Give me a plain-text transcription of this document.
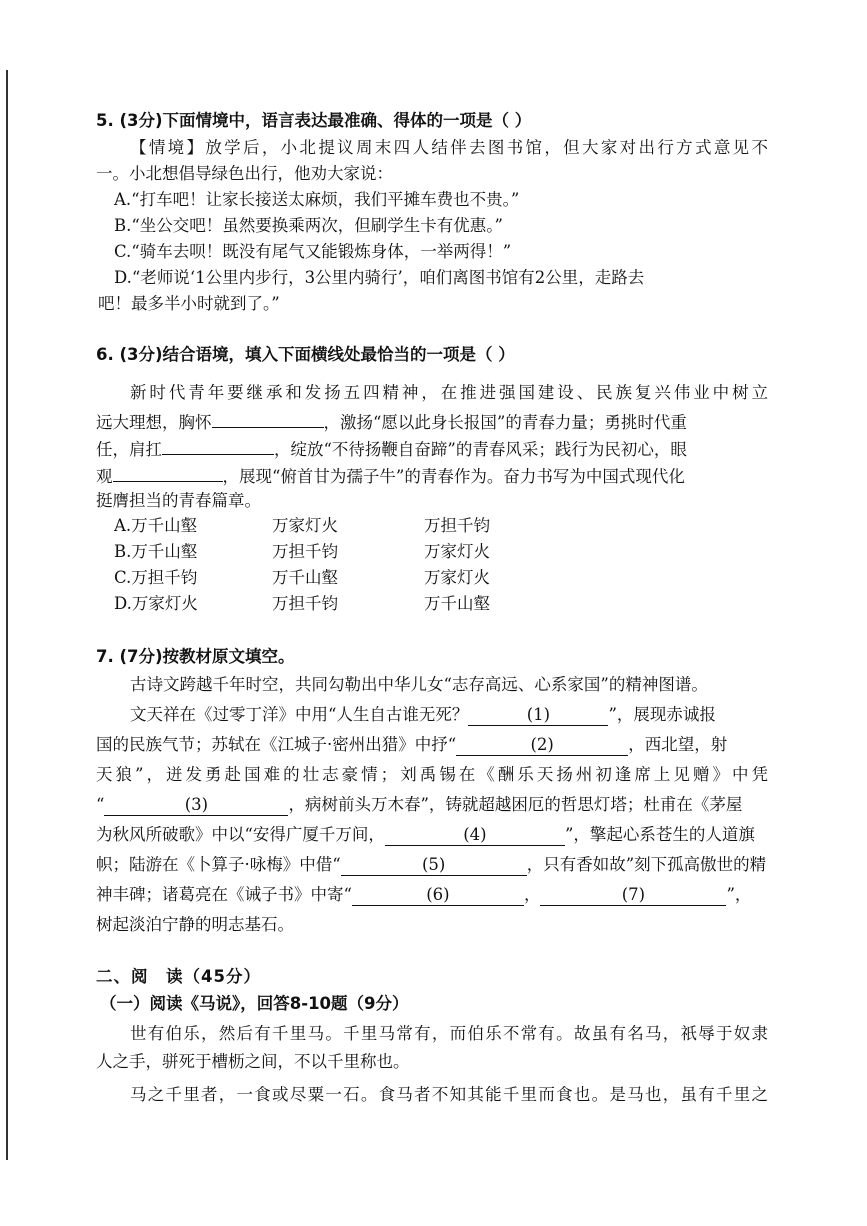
5. (3分)下面情境中，语言表达最准确、得体的一项是（ ）
【情境】放学后，小北提议周末四人结伴去图书馆，但大家对出行方式意见不
一。小北想倡导绿色出行，他劝大家说：
A.“打车吧！让家长接送太麻烦，我们平摊车费也不贵。”
B.“坐公交吧！虽然要换乘两次，但刷学生卡有优惠。”
C.“骑车去呗！既没有尾气又能锻炼身体，一举两得！”
D.“老师说‘1公里内步行，3公里内骑行’，咱们离图书馆有2公里，走路去
吧！最多半小时就到了。”
6. (3分)结合语境，填入下面横线处最恰当的一项是（ ）
新时代青年要继承和发扬五四精神，在推进强国建设、民族复兴伟业中树立
远大理想，胸怀	，激扬“愿以此身长报国”的青春力量；勇挑时代重
任，肩扛	，绽放“不待扬鞭自奋蹄”的青春风采；践行为民初心，眼
观	，展现“俯首甘为孺子牛”的青春作为。奋力书写为中国式现代化
挺膺担当的青春篇章。
A.万千山壑	万家灯火	万担千钧
B.万千山壑	万担千钧	万家灯火
C.万担千钧	万千山壑	万家灯火
D.万家灯火	万担千钧	万千山壑
7. (7分)按教材原文填空。
古诗文跨越千年时空，共同勾勒出中华儿女“志存高远、心系家国”的精神图谱。
文天祥在《过零丁洋》中用“人生自古谁无死？	(1)	”，展现赤诚报
国的民族气节；苏轼在《江城子·密州出猎》中抒“	(2)	，西北望，射
天狼”，迸发勇赴国难的壮志豪情；刘禹锡在《酬乐天扬州初逢席上见赠》中凭
“	(3)	，病树前头万木春”，铸就超越困厄的哲思灯塔；杜甫在《茅屋
为秋风所破歌》中以“安得广厦千万间，	(4)	”，擎起心系苍生的人道旗
帜；陆游在《卜算子·咏梅》中借“	(5)	，只有香如故”刻下孤高傲世的精
神丰碑；诸葛亮在《诫子书》中寄“	(6)	，	(7)	”，
树起淡泊宁静的明志基石。
二、阅　读（45分）
（一）阅读《马说》，回答8-10题（9分）
世有伯乐，然后有千里马。千里马常有，而伯乐不常有。故虽有名马，祇辱于奴隶
人之手，骈死于槽枥之间，不以千里称也。
马之千里者，一食或尽粟一石。食马者不知其能千里而食也。是马也，虽有千里之
